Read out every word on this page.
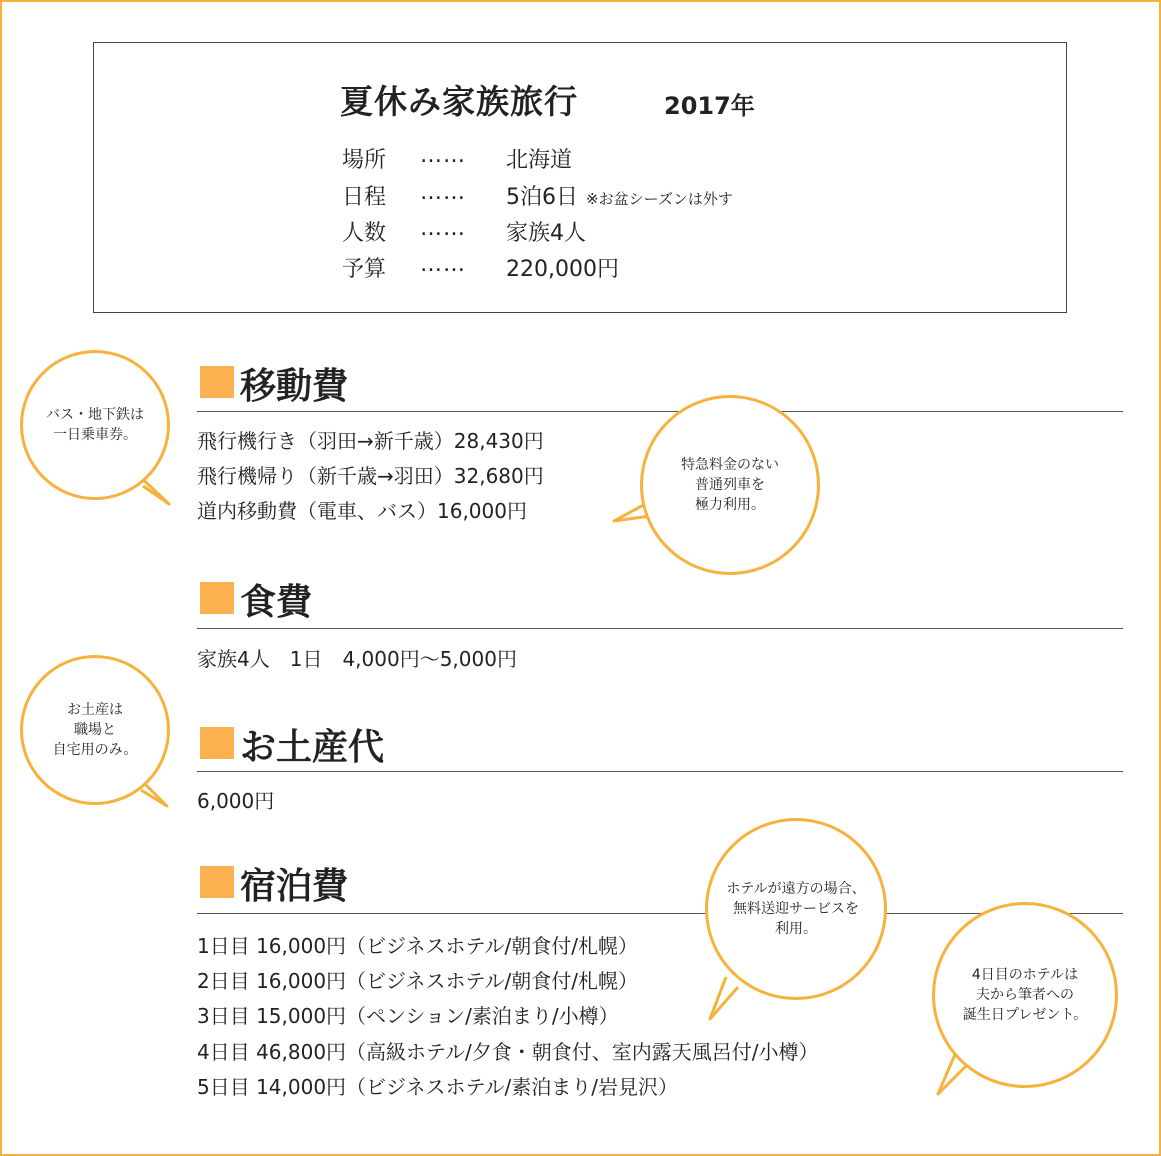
夏休み家族旅行	2017年
場所	…… 北海道
日程	…… 5泊6日 ※お盆シーズンは外す
人数	…… 家族4人
予算	…… 220,000円
移動費
飛行機行き（羽田→新千歳）28,430円
飛行機帰り（新千歳→羽田）32,680円
道内移動費（電車、バス）16,000円
食費
家族4人　1日　4,000円～5,000円
お土産代
6,000円
宿泊費
1日目 16,000円（ビジネスホテル/朝食付/札幌）
2日目 16,000円（ビジネスホテル/朝食付/札幌）
3日目 15,000円（ペンション/素泊まり/小樽）
4日目 46,800円（高級ホテル/夕食・朝食付、室内露天風呂付/小樽）
5日目 14,000円（ビジネスホテル/素泊まり/岩見沢）
バス・地下鉄は
一日乗車券。
特急料金のない
普通列車を
極力利用。
お土産は
職場と
自宅用のみ。
ホテルが遠方の場合、
無料送迎サービスを
利用。
4日目のホテルは
夫から筆者への
誕生日プレゼント。
